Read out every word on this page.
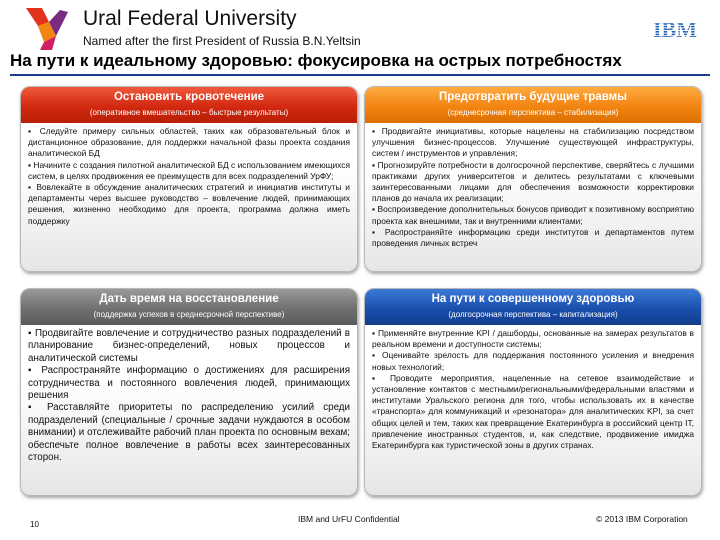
Ural Federal University
Named after the first President of Russia B.N.Yeltsin	IBM
На пути к идеальному здоровью: фокусировка на острых потребностях
Остановить кровотечение
(оперативное вмешательство – быстрые результаты)

▪ Следуйте примеру сильных областей, таких как образовательный блок и дистанционное образование, для поддержки начальной фазы проекта создания аналитической БД

▪ Начините с создания пилотной аналитической БД с использованием имеющихся систем, в целях продвижения ее преимуществ для всех подразделений УрФУ;

▪ Вовлекайте в обсуждение аналитических стратегий и инициатив институты и департаменты через высшее руководство – вовлечение людей, принимающих решения, жизненно необходимо для проекта, программа должна иметь поддержку

Предотвратить будущие травмы
(среднесрочная перспектива – стабилизация)

▪ Продвигайте инициативы, которые нацелены на стабилизацию посредством улучшения бизнес-процессов. Улучшение существующей инфраструктуры, систем / инструментов и управления;

▪ Прогнозируйте потребности в долгосрочной перспективе, сверяйтесь с лучшими практиками других университетов и делитесь результатами с ключевыми заинтересованными лицами для обеспечения возможности корректировки планов до начала их реализации;

▪ Воспроизведение дополнительных бонусов приводит к позитивному восприятию проекта как внешними, так и внутренними клиентами;

▪ Распространяйте информацию среди институтов и департаментов путем проведения личных встреч

Дать время на восстановление
(поддержка успехов в среднесрочной перспективе)

▪ Продвигайте вовлечение и сотрудничество разных подразделений в планирование бизнес-определений, новых процессов и аналитической системы

▪ Распространяйте информацию о достижениях для расширения сотрудничества и постоянного вовлечения людей, принимающих решения

▪ Расставляйте приоритеты по распределению усилий среди подразделений (специальные / срочные задачи нуждаются в особом внимании) и отслеживайте рабочий план проекта по основным вехам; обеспечьте полное вовлечение в работы всех заинтересованных сторон.

На пути к совершенному здоровью
(долгосрочная перспектива – капитализация)

▪ Применяйте внутренние KPI / дашборды, основанные на замерах результатов в реальном времени и доступности системы;

▪ Оценивайте зрелость для поддержания постоянного усиления и внедрения новых технологий;

▪ Проводите мероприятия, нацеленные на сетевое взаимодействие и установление контактов с местными/региональными/федеральными властями и институтами Уральского региона для того, чтобы использовать их в качестве «транспорта» для коммуникаций и «резонатора» для аналитических KPI, за счет общих целей и тем, таких как превращение Екатеринбурга в российский центр IT, привлечение иностранных студентов, и, как следствие, продвижение имиджа Екатеринбурга как туристической зоны в других странах.

10
IBM and UrFU Confidential	© 2013 IBM Corporation
